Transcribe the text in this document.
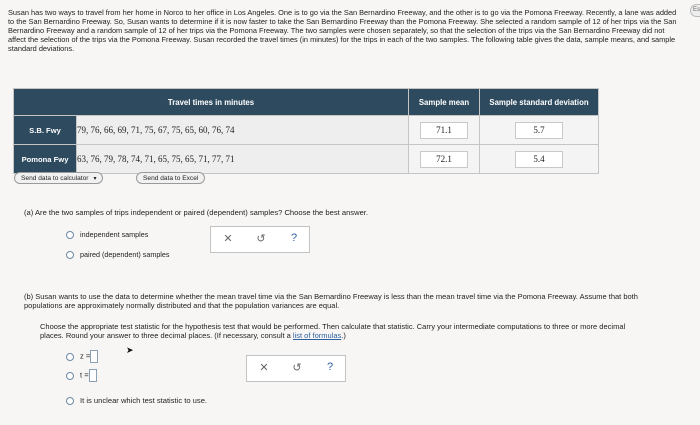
Susan has two ways to travel from her home in Norco to her office in Los Angeles. One is to go via the San Bernardino Freeway, and the other is to go via the Pomona Freeway. Recently, a lane was added to the San Bernardino Freeway. So, Susan wants to determine if it is now faster to take the San Bernardino Freeway than the Pomona Freeway. She selected a random sample of 12 of her trips via the San Bernardino Freeway and a random sample of 12 of her trips via the Pomona Freeway. The two samples were chosen separately, so that the selection of the trips via the San Bernardino Freeway did not affect the selection of the trips via the Pomona Freeway. Susan recorded the travel times (in minutes) for the trips in each of the two samples. The following table gives the data, sample means, and sample standard deviations.
Es
Travel times in minutes		Sample mean	Sample standard deviation
S.B. Fwy	79, 76, 66, 69, 71, 75, 67, 75, 65, 60, 76, 74	71.1	5.7

Pomona Fwy	63, 76, 79, 78, 74, 71, 65, 75, 65, 71, 77, 71	72.1	5.4
Send data to calculator ▾	Send data to Excel
(a) Are the two samples of trips independent or paired (dependent) samples? Choose the best answer.
independent samples
paired (dependent) samples
✕ ↺	?
(b) Susan wants to use the data to determine whether the mean travel time via the San Bernardino Freeway is less than the mean travel time via the Pomona Freeway. Assume that both populations are approximately normally distributed and that the population variances are equal.
Choose the appropriate test statistic for the hypothesis test that would be performed. Then calculate that statistic. Carry your intermediate computations to three or more decimal places. Round your answer to three decimal places. (If necessary, consult a list of formulas.)
z =
t =
It is unclear which test statistic to use.
➤
✕ ↺	?
